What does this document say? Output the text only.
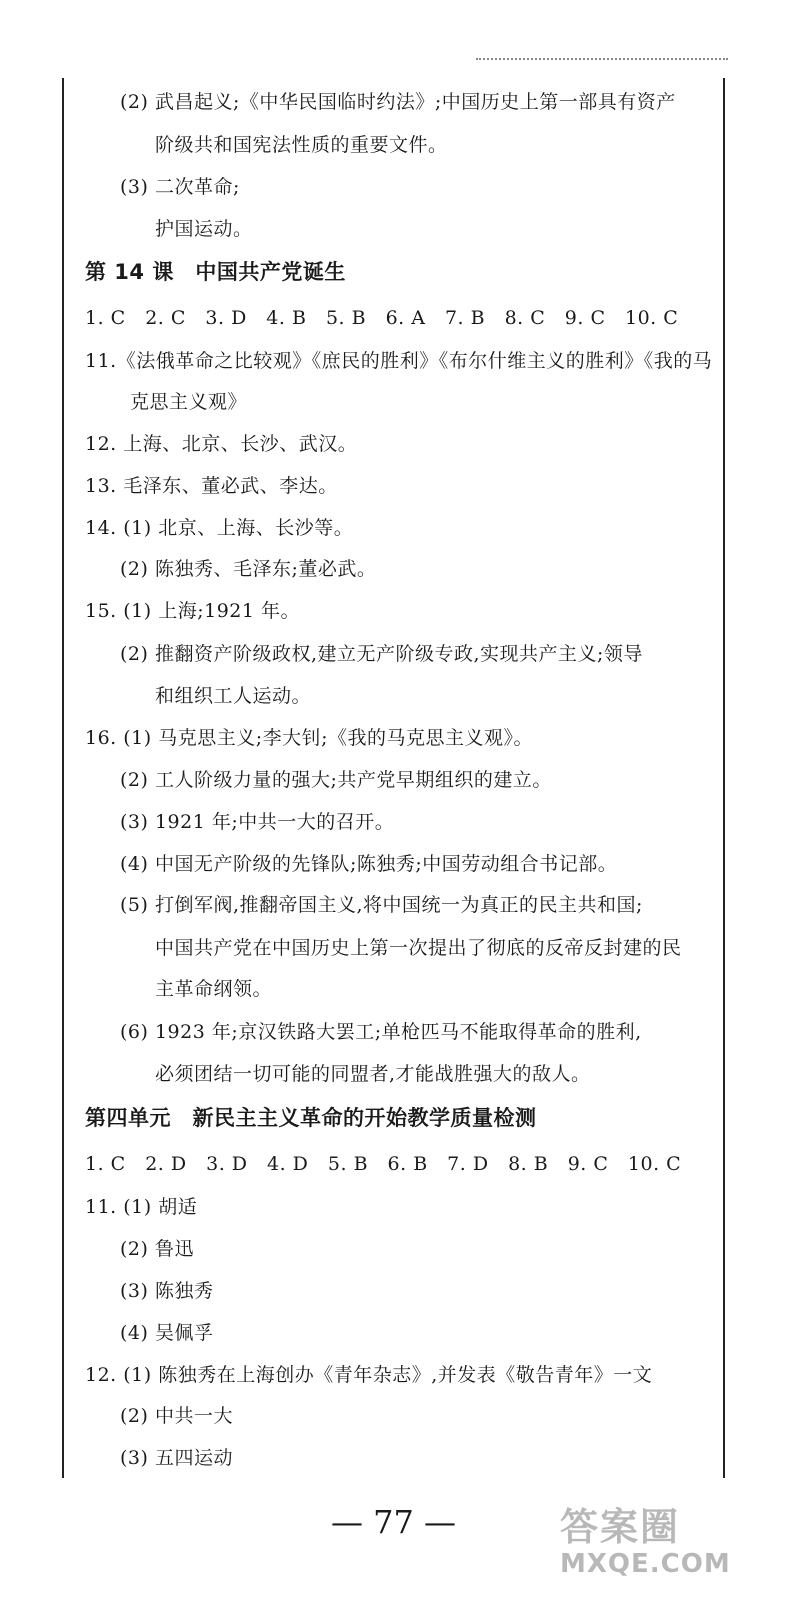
(2) 武昌起义;《中华民国临时约法》;中国历史上第一部具有资产
阶级共和国宪法性质的重要文件。
(3) 二次革命;
护国运动。
第 14 课　中国共产党诞生
1. C　2. C　3. D　4. B　5. B　6. A　7. B　8. C　9. C　10. C
11.《法俄革命之比较观》《庶民的胜利》《布尔什维主义的胜利》《我的马
克思主义观》
12. 上海、北京、长沙、武汉。
13. 毛泽东、董必武、李达。
14. (1) 北京、上海、长沙等。
(2) 陈独秀、毛泽东;董必武。
15. (1) 上海;1921 年。
(2) 推翻资产阶级政权,建立无产阶级专政,实现共产主义;领导
和组织工人运动。
16. (1) 马克思主义;李大钊;《我的马克思主义观》。
(2) 工人阶级力量的强大;共产党早期组织的建立。
(3) 1921 年;中共一大的召开。
(4) 中国无产阶级的先锋队;陈独秀;中国劳动组合书记部。
(5) 打倒军阀,推翻帝国主义,将中国统一为真正的民主共和国;
中国共产党在中国历史上第一次提出了彻底的反帝反封建的民
主革命纲领。
(6) 1923 年;京汉铁路大罢工;单枪匹马不能取得革命的胜利,
必须团结一切可能的同盟者,才能战胜强大的敌人。
第四单元　新民主主义革命的开始教学质量检测
1. C　2. D　3. D　4. D　5. B　6. B　7. D　8. B　9. C　10. C
11. (1) 胡适
(2) 鲁迅
(3) 陈独秀
(4) 吴佩孚
12. (1) 陈独秀在上海创办《青年杂志》,并发表《敬告青年》一文
(2) 中共一大
(3) 五四运动
— 77 —	答案圈
MXQE.COM
